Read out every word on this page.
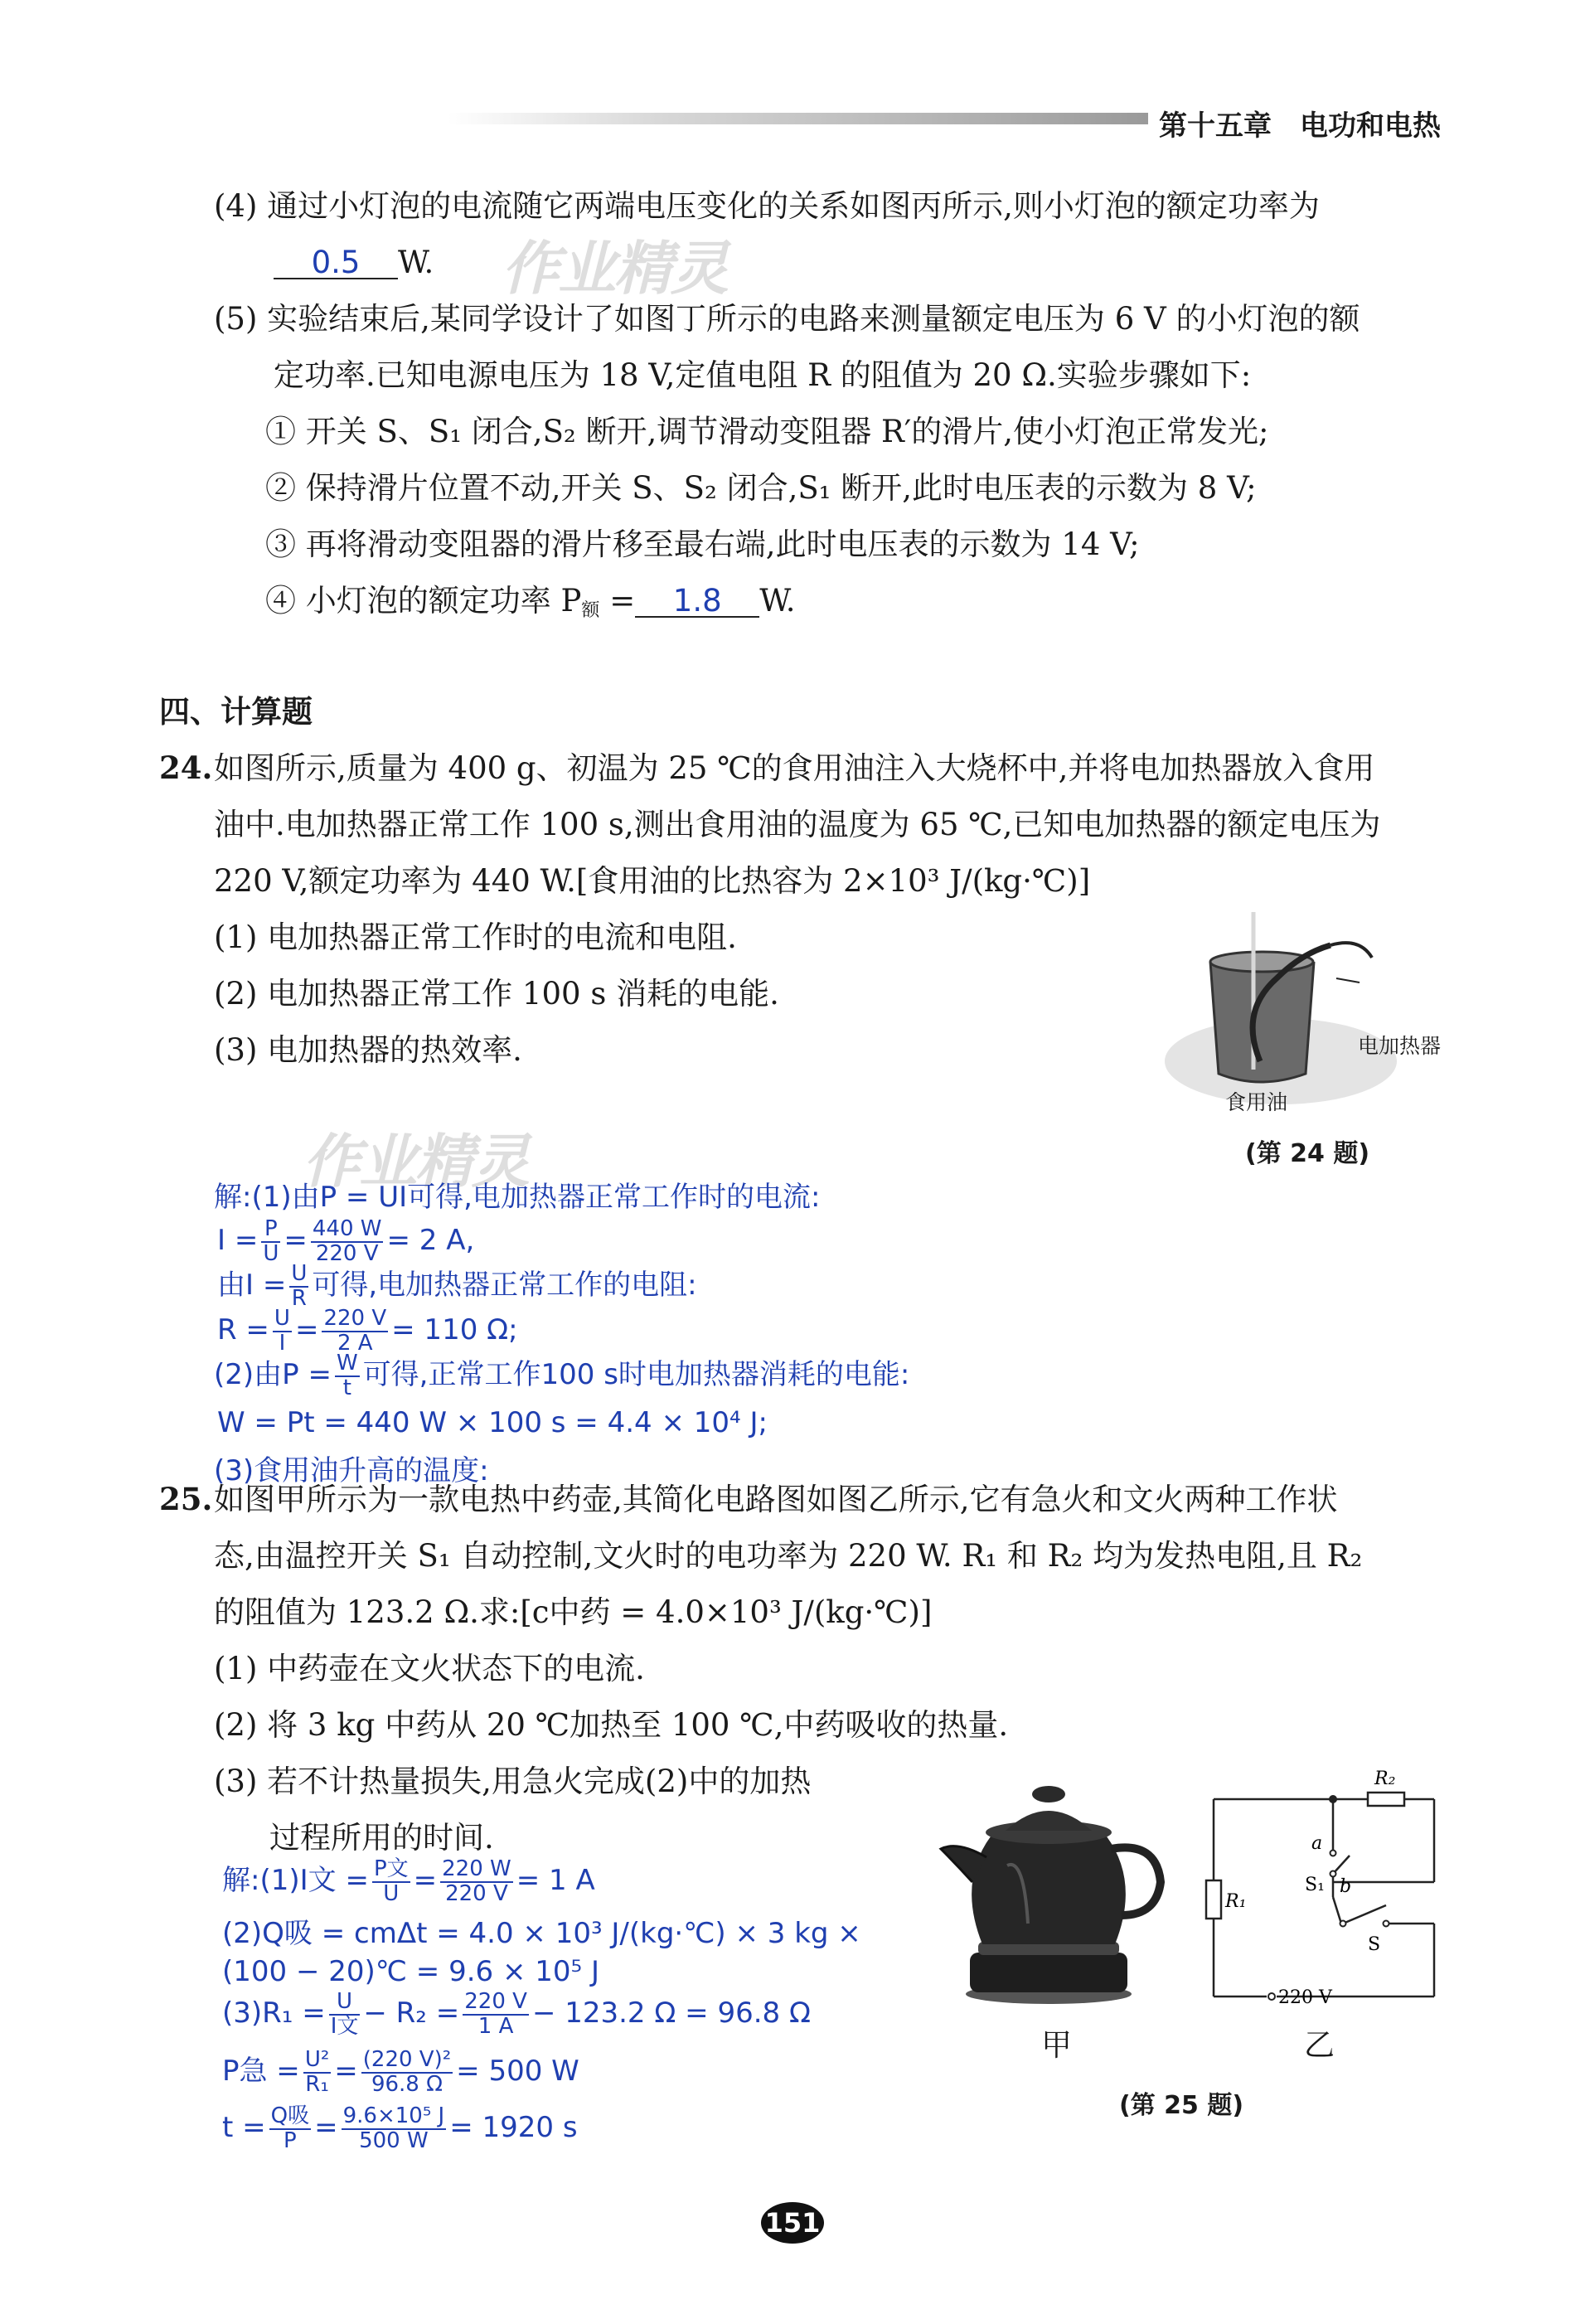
第十五章　电功和电热
作业精灵
作业精灵
(4) 通过小灯泡的电流随它两端电压变化的关系如图丙所示,则小灯泡的额定功率为
0.5 W.
(5) 实验结束后,某同学设计了如图丁所示的电路来测量额定电压为 6 V 的小灯泡的额
定功率.已知电源电压为 18 V,定值电阻 R 的阻值为 20 Ω.实验步骤如下:
① 开关 S、S₁ 闭合,S₂ 断开,调节滑动变阻器 R′的滑片,使小灯泡正常发光;
② 保持滑片位置不动,开关 S、S₂ 闭合,S₁ 断开,此时电压表的示数为 8 V;
③ 再将滑动变阻器的滑片移至最右端,此时电压表的示数为 14 V;
④ 小灯泡的额定功率 $P_额 = 1.8$ W.
四、计算题
24. 如图所示,质量为 400 g、初温为 25 ℃的食用油注入大烧杯中,并将电加热器放入食用
油中.电加热器正常工作 100 s,测出食用油的温度为 65 ℃,已知电加热器的额定电压为
220 V,额定功率为 440 W.[食用油的比热容为 2×10³ J/(kg·℃)]
(1) 电加热器正常工作时的电流和电阻.
(2) 电加热器正常工作 100 s 消耗的电能.
(3) 电加热器的热效率.	电加热器
食用油
(第 24 题)
解:(1)由P = UI可得,电加热器正常工作时的电流:
$I = \frac{P}{U} = \frac{440 W}{220 V} = 2$ A,
由$I = \frac{U}{R}$ 可得,电加热器正常工作的电阻:
$R = \frac{U}{I} = \frac{220 V}{2 A} = 110$ Ω;
(2)由$P = \frac{W}{t}$ 可得,正常工作100 s时电加热器消耗的电能:
W = Pt = 440 W × 100 s = 4.4 × 10⁴ J;
(3)食用油升高的温度:
25. 如图甲所示为一款电热中药壶,其简化电路图如图乙所示,它有急火和文火两种工作状
态,由温控开关 S₁ 自动控制,文火时的电功率为 220 W. R₁ 和 R₂ 均为发热电阻,且 R₂
的阻值为 123.2 Ω.求:[c中药 = 4.0×10³ J/(kg·℃)]
(1) 中药壶在文火状态下的电流.
(2) 将 3 kg 中药从 20 ℃加热至 100 ℃,中药吸收的热量.
(3) 若不计热量损失,用急火完成(2)中的加热
过程所用的时间.
解:(1)I文 = $\frac{\text{P文}}{U} = \frac{220 W}{220 V} = 1$ A
(2)Q吸 = cmΔt = 4.0 × 10³ J/(kg·℃) × 3 kg ×
(100 − 20)℃ = 9.6 × 10⁵ J
$(3)R_1 = \frac{U}{\text{I文}} - R_2 = \frac{220 V}{1 A} - 123.2$ Ω = 96.8 Ω
P急 = $\frac{\text{U²}}{\text{R₁}} = \frac{\text{(220 V)²}}{96.8 \Omega} = 500$ W
$t = \frac{\text{Q吸}}{P} = \frac{\text{9.6×10⁵ J}}{500 W} = 1920$ s
甲
R₂
R₁
a
S₁ b
S
220 V
乙
(第 25 题)
151
